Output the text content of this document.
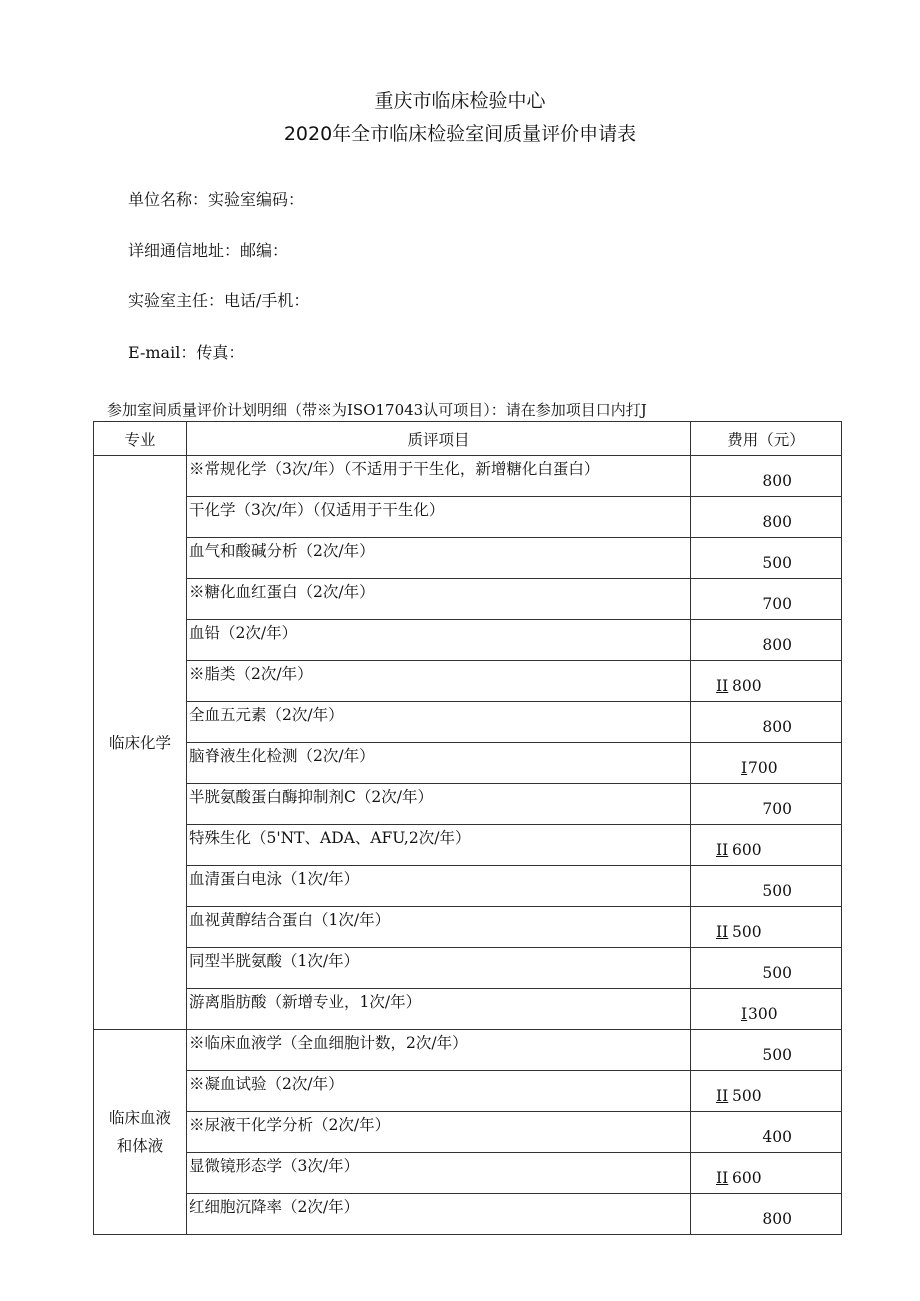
重庆市临床检验中心
2020年全市临床检验室间质量评价申请表
单位名称：实验室编码：
详细通信地址：邮编：
实验室主任：电话/手机：
E-mail：传真：
参加室间质量评价计划明细（带※为ISO17043认可项目）：请在参加项目口内打J
专业	质评项目	费用（元）
临床化学	※常规化学（3次/年）（不适用于干生化，新增糖化白蛋白）	800

	干化学（3次/年）（仅适用于干生化）	800

	血气和酸碱分析（2次/年）	500

	※糖化血红蛋白（2次/年）	700

	血铅（2次/年）	800

	※脂类（2次/年）	II 800

	全血五元素（2次/年）	800

	脑脊液生化检测（2次/年）	I 700

	半胱氨酸蛋白酶抑制剂C（2次/年）	700

	特殊生化（5'NT、ADA、AFU,2次/年）	II 600

	血清蛋白电泳（1次/年）	500

	血视黄醇结合蛋白（1次/年）	II 500

	同型半胱氨酸（1次/年）	500

	游离脂肪酸（新增专业，1次/年）	I 300

临床血液和体液	※临床血液学（全血细胞计数，2次/年）	500

	※凝血试验（2次/年）	II 500

	※尿液干化学分析（2次/年）	400

	显微镜形态学（3次/年）	II 600

	红细胞沉降率（2次/年）	800
